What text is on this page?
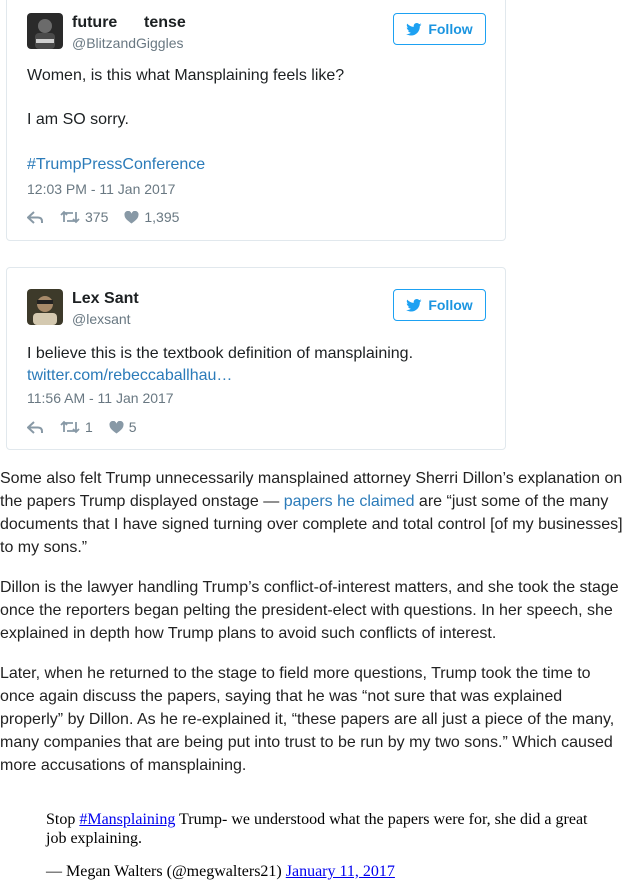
future      tense
@BlitzandGiggles
Follow
Women, is this what Mansplaining feels like?
I am SO sorry.
#TrumpPressConference
12:03 PM - 11 Jan 2017
375	1,395
Lex Sant
@lexsant
Follow
I believe this is the textbook definition of mansplaining.
twitter.com/rebeccaballhau…
11:56 AM - 11 Jan 2017
1	5

Some also felt Trump unnecessarily mansplained attorney Sherri Dillon’s explanation on

the papers Trump displayed onstage — papers he claimed are “just some of the many

documents that I have signed turning over complete and total control [of my businesses]

to my sons.”

Dillon is the lawyer handling Trump’s conflict-of-interest matters, and she took the stage

once the reporters began pelting the president-elect with questions. In her speech, she

explained in depth how Trump plans to avoid such conflicts of interest.

Later, when he returned to the stage to field more questions, Trump took the time to

once again discuss the papers, saying that he was “not sure that was explained

properly” by Dillon. As he re-explained it, “these papers are all just a piece of the many,

many companies that are being put into trust to be run by my two sons.” Which caused

more accusations of mansplaining.

Stop #Mansplaining Trump- we understood what the papers were for, she did a great

job explaining.

— Megan Walters (@megwalters21) January 11, 2017
